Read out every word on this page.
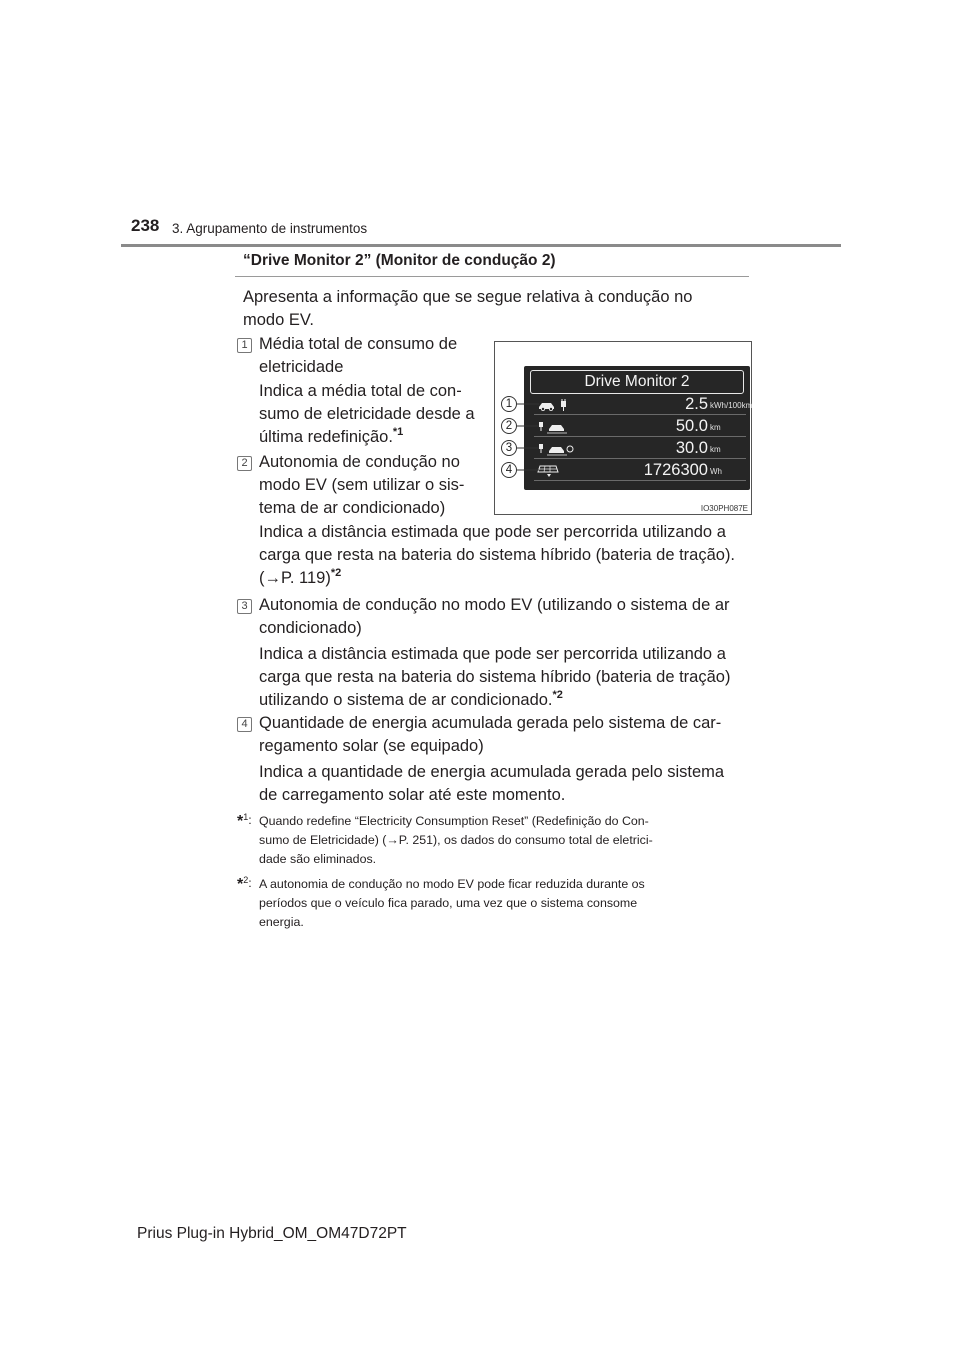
238 3. Agrupamento de instrumentos
“Drive Monitor 2” (Monitor de condução 2)
Apresenta a informação que se segue relativa à condução no
modo EV.
1 Média total de consumo de
eletricidade
Indica a média total de con-
sumo de eletricidade desde a
última redefinição.$^{*1}$
2 Autonomia de condução no
modo EV (sem utilizar o sis-
tema de ar condicionado)
Indica a distância estimada que pode ser percorrida utilizando a
carga que resta na bateria do sistema híbrido (bateria de tração).
(→P. 119)$^{*2}$
3 Autonomia de condução no modo EV (utilizando o sistema de ar
condicionado)
Indica a distância estimada que pode ser percorrida utilizando a
carga que resta na bateria do sistema híbrido (bateria de tração)
utilizando o sistema de ar condicionado.$^{*2}$
4 Quantidade de energia acumulada gerada pelo sistema de car-
regamento solar (se equipado)
Indica a quantidade de energia acumulada gerada pelo sistema
de carregamento solar até este momento.
*$^1$: Quando redefine “Electricity Consumption Reset” (Redefinição do Con-
sumo de Eletricidade) (→P. 251), os dados do consumo total de eletrici-
dade são eliminados.
*$^2$: A autonomia de condução no modo EV pode ficar reduzida durante os
períodos que o veículo fica parado, uma vez que o sistema consome
energia.
Drive Monitor 2
2.5 kWh/100km
50.0 km
30.0 km
1726300 Wh
1
2
3
4
IO30PH087E
Prius Plug-in Hybrid_OM_OM47D72PT
